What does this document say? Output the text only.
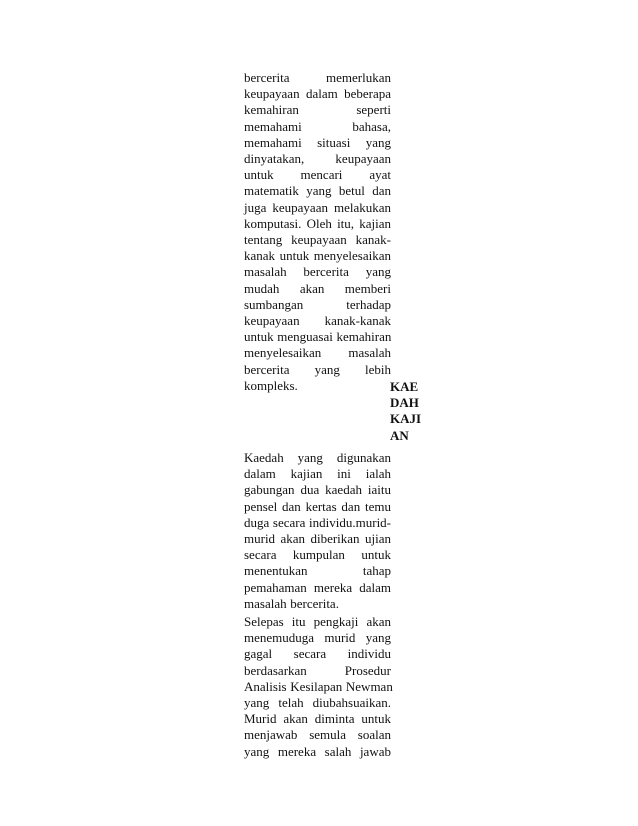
bercerita memerlukan
keupayaan dalam beberapa
kemahiran seperti
memahami bahasa,
memahami situasi yang
dinyatakan, keupayaan
untuk mencari ayat
matematik yang betul dan
juga keupayaan melakukan
komputasi. Oleh itu, kajian
tentang keupayaan kanak-
kanak untuk menyelesaikan
masalah bercerita yang
mudah akan memberi
sumbangan terhadap
keupayaan kanak-kanak
untuk menguasai kemahiran
menyelesaikan masalah
bercerita yang lebih
kompleks.	KAE
DAH
KAJI
AN
Kaedah yang digunakan
dalam kajian ini ialah
gabungan dua kaedah iaitu
pensel dan kertas dan temu
duga secara individu.murid-
murid akan diberikan ujian
secara kumpulan untuk
menentukan tahap
pemahaman mereka dalam
masalah bercerita.
Selepas itu pengkaji akan
menemuduga murid yang
gagal secara individu
berdasarkan Prosedur
Analisis Kesilapan Newman
yang telah diubahsuaikan.
Murid akan diminta untuk
menjawab semula soalan
yang mereka salah jawab
